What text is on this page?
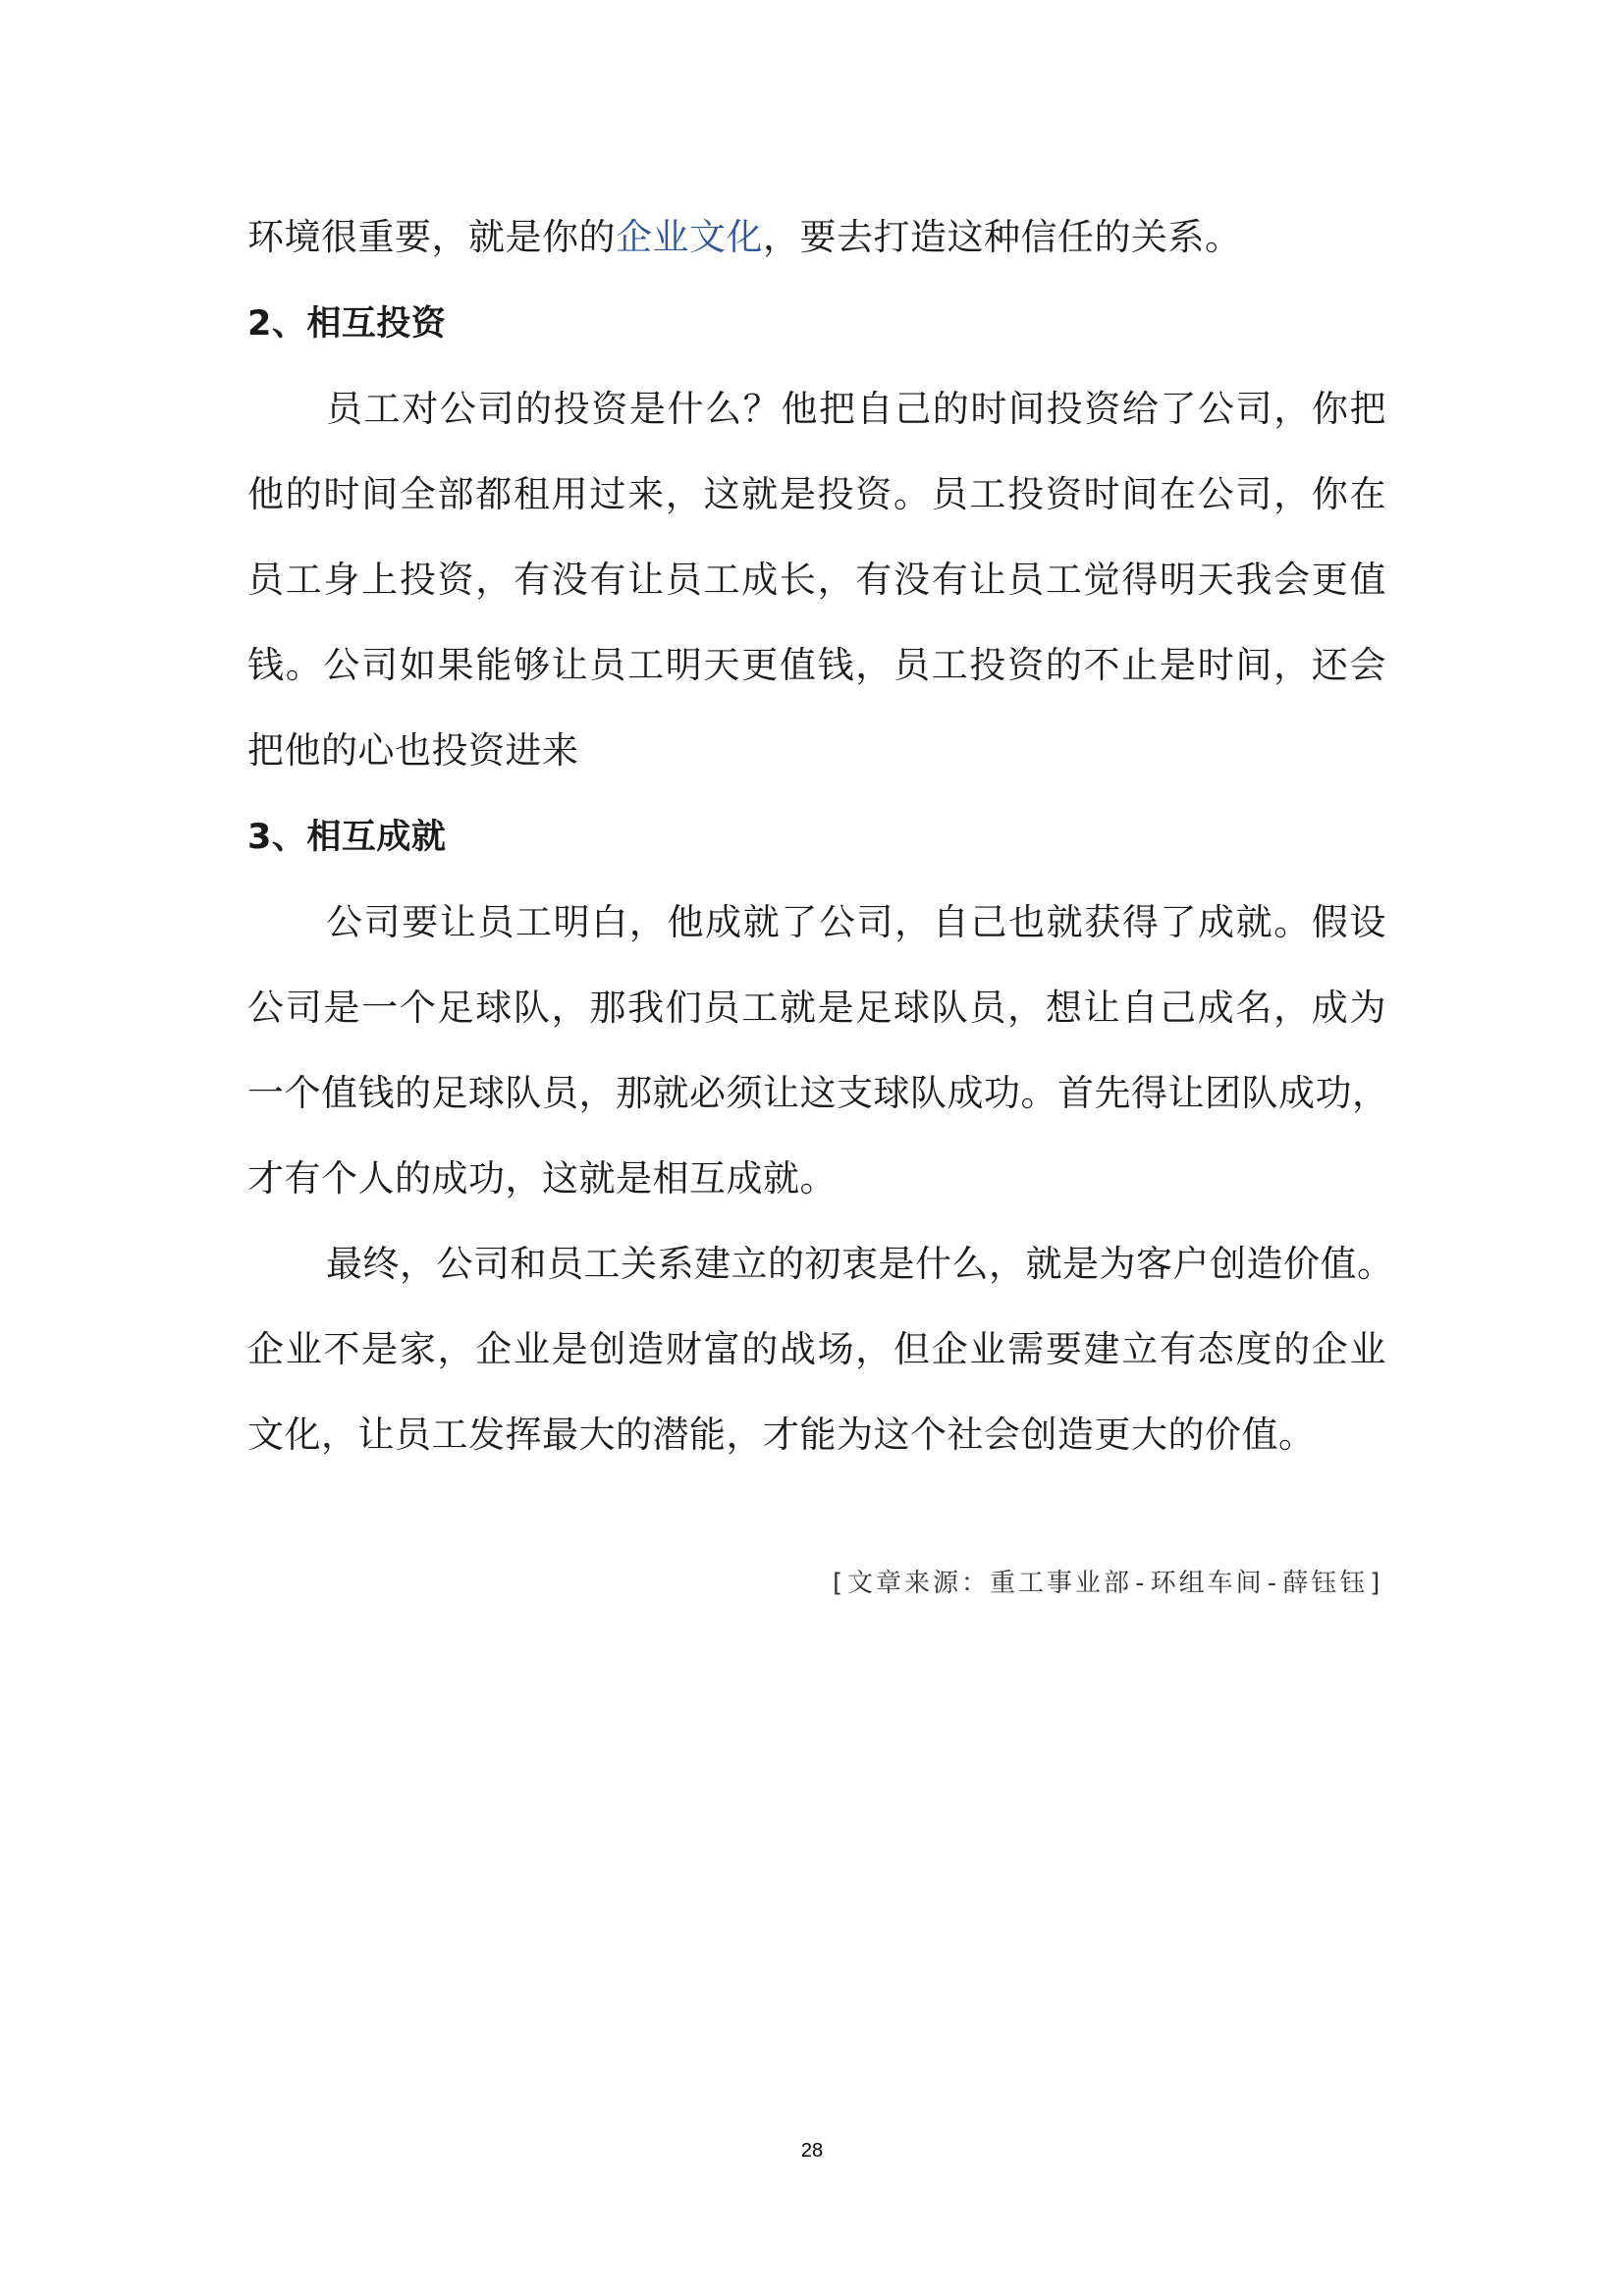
环境很重要，就是你的企业文化，要去打造这种信任的关系。
2、相互投资
员工对公司的投资是什么？他把自己的时间投资给了公司，你把
他的时间全部都租用过来，这就是投资。员工投资时间在公司，你在
员工身上投资，有没有让员工成长，有没有让员工觉得明天我会更值
钱。公司如果能够让员工明天更值钱，员工投资的不止是时间，还会
把他的心也投资进来
3、相互成就
公司要让员工明白，他成就了公司，自己也就获得了成就。假设
公司是一个足球队，那我们员工就是足球队员，想让自己成名，成为
一个值钱的足球队员，那就必须让这支球队成功。首先得让团队成功，
才有个人的成功，这就是相互成就。
最终，公司和员工关系建立的初衷是什么，就是为客户创造价值。
企业不是家，企业是创造财富的战场，但企业需要建立有态度的企业
文化，让员工发挥最大的潜能，才能为这个社会创造更大的价值。
[文章来源：重工事业部-环组车间-薛钰钰]
28
